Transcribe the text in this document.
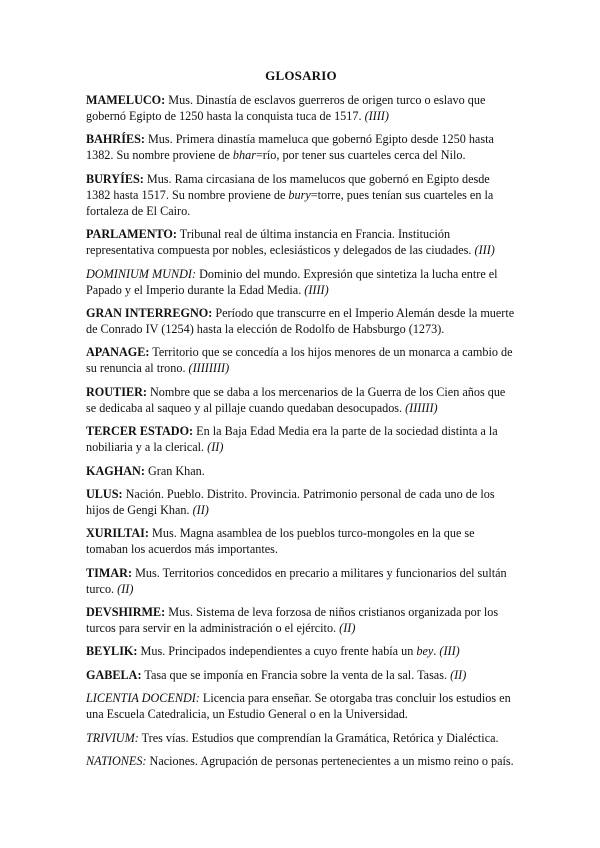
GLOSARIO

MAMELUCO: Mus. Dinastía de esclavos guerreros de origen turco o eslavo que gobernó Egipto de 1250 hasta la conquista tuca de 1517. (IIII)

BAHRÍES: Mus. Primera dinastía mameluca que gobernó Egipto desde 1250 hasta 1382. Su nombre proviene de bhar=río, por tener sus cuarteles cerca del Nilo.

BURYÍES: Mus. Rama circasiana de los mamelucos que gobernó en Egipto desde 1382 hasta 1517. Su nombre proviene de bury=torre, pues tenían sus cuarteles en la fortaleza de El Cairo.

PARLAMENTO: Tribunal real de última instancia en Francia. Institución representativa compuesta por nobles, eclesiásticos y delegados de las ciudades. (III)

DOMINIUM MUNDI: Dominio del mundo. Expresión que sintetiza la lucha entre el Papado y el Imperio durante la Edad Media. (IIII)

GRAN INTERREGNO: Período que transcurre en el Imperio Alemán desde la muerte de Conrado IV (1254) hasta la elección de Rodolfo de Habsburgo (1273).

APANAGE: Territorio que se concedía a los hijos menores de un monarca a cambio de su renuncia al trono. (IIIIIIII)

ROUTIER: Nombre que se daba a los mercenarios de la Guerra de los Cien años que se dedicaba al saqueo y al pillaje cuando quedaban desocupados. (IIIIII)

TERCER ESTADO: En la Baja Edad Media era la parte de la sociedad distinta a la nobiliaria y a la clerical. (II)

KAGHAN: Gran Khan.

ULUS: Nación. Pueblo. Distrito. Provincia. Patrimonio personal de cada uno de los hijos de Gengi Khan. (II)

XURILTAI: Mus. Magna asamblea de los pueblos turco-mongoles en la que se tomaban los acuerdos más importantes.

TIMAR: Mus. Territorios concedidos en precario a militares y funcionarios del sultán turco. (II)

DEVSHIRME: Mus. Sistema de leva forzosa de niños cristianos organizada por los turcos para servir en la administración o el ejército. (II)

BEYLIK: Mus. Principados independientes a cuyo frente había un bey. (III)

GABELA: Tasa que se imponía en Francia sobre la venta de la sal. Tasas. (II)

LICENTIA DOCENDI: Licencia para enseñar. Se otorgaba tras concluir los estudios en una Escuela Catedralicia, un Estudio General o en la Universidad.

TRIVIUM: Tres vías. Estudios que comprendían la Gramática, Retórica y Dialéctica.

NATIONES: Naciones. Agrupación de personas pertenecientes a un mismo reino o país.
